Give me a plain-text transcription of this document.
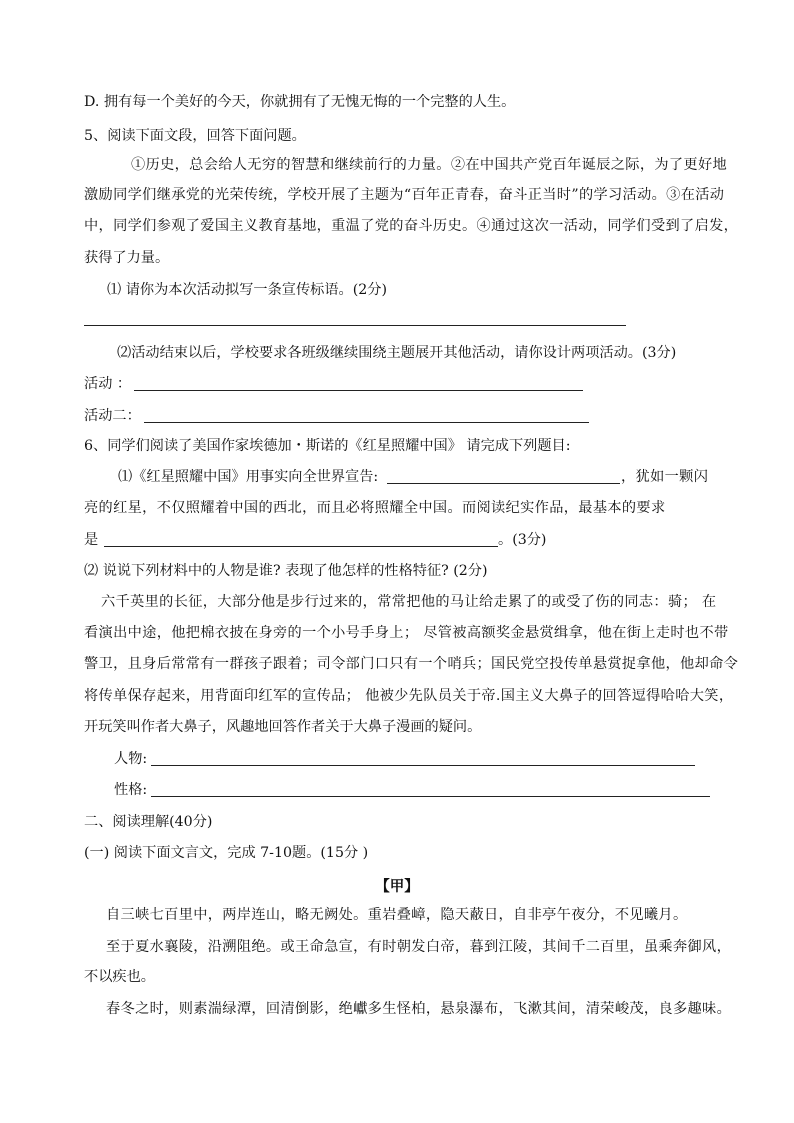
D. 拥有每一个美好的今天，你就拥有了无愧无悔的一个完整的人生。
5、阅读下面文段，回答下面问题。
①历史，总会给人无穷的智慧和继续前行的力量。②在中国共产党百年诞辰之际，为了更好地
激励同学们继承党的光荣传统，学校开展了主题为“百年正青春，奋斗正当时”的学习活动。③在活动
中，同学们参观了爱国主义教育基地，重温了党的奋斗历史。④通过这次一活动，同学们受到了启发，
获得了力量。
⑴ 请你为本次活动拟写一条宣传标语。(2分)
⑵活动结束以后，学校要求各班级继续围绕主题展开其他活动，请你设计两项活动。(3分)
活动 ：
活动二：
6、同学们阅读了美国作家埃德加・斯诺的《红星照耀中国》 请完成下列题目:
⑴《红星照耀中国》用事实向全世界宣告:	，犹如一颗闪
亮的红星，不仅照耀着中国的西北，而且必将照耀全中国。而阅读纪实作品，最基本的要求
是	。(3分)
⑵ 说说下列材料中的人物是谁? 表现了他怎样的性格特征? (2分)
六千英里的长征，大部分他是步行过来的，常常把他的马让给走累了的或受了伤的同志：骑； 在
看演出中途，他把棉衣披在身旁的一个小号手身上； 尽管被高额奖金悬赏缉拿，他在街上走时也不带
警卫，且身后常常有一群孩子跟着；司令部门口只有一个哨兵；国民党空投传单悬赏捉拿他，他却命令
将传单保存起来，用背面印红军的宣传品； 他被少先队员关于帝.国主义大鼻子的回答逗得哈哈大笑，
开玩笑叫作者大鼻子，风趣地回答作者关于大鼻子漫画的疑问。
人物:
性格:
二、阅读理解(40分)
(一) 阅读下面文言文，完成 7-10题。(15分 )
【甲】
自三峡七百里中，两岸连山，略无阙处。重岩叠嶂，隐天蔽日，自非亭午夜分，不见曦月。
至于夏水襄陵，沿溯阻绝。或王命急宣，有时朝发白帝，暮到江陵，其间千二百里，虽乘奔御风，
不以疾也。
春冬之时，则素湍绿潭，回清倒影，绝巘多生怪柏，悬泉瀑布，飞漱其间，清荣峻茂，良多趣味。
